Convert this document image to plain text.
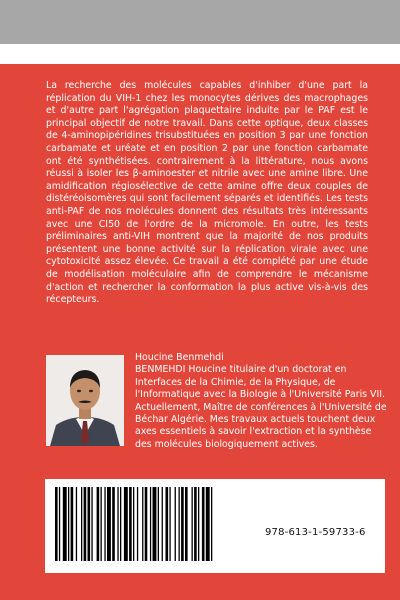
La recherche des molécules capables d'inhiber d'une part la réplication du VIH-1 chez les monocytes dérives des macrophages et d'autre part l'agrégation plaquettaire induite par le PAF est le principal objectif de notre travail. Dans cette optique, deux classes de 4-aminopipéridines trisubstituées en position 3 par une fonction carbamate et uréate et en position 2 par une fonction carbamate ont été synthétisées. contrairement à la littérature, nous avons réussi à isoler les β-aminoester et nitrile avec une amine libre. Une amidification régiosélective de cette amine offre deux couples de distéréoisomères qui sont facilement séparés et identifiés. Les tests anti-PAF de nos molécules donnent des résultats très intéressants avec une CI50 de l'ordre de la micromole. En outre, les tests préliminaires anti-VIH montrent que la majorité de nos produits présentent une bonne activité sur la réplication virale avec une cytotoxicité assez élevée. Ce travail a été complété par une étude de modélisation moléculaire afin de comprendre le mécanisme d'action et rechercher la conformation la plus active vis-à-vis des récepteurs.

Houcine Benmehdi

BENMEHDI Houcine titulaire d'un doctorat en Interfaces de la Chimie, de la Physique, de l'Informatique avec la Biologie à l'Université Paris VII. Actuellement, Maître de conférences à l'Université de Béchar Algérie. Mes travaux actuels touchent deux axes essentiels à savoir l'extraction et la synthèse des molécules biologiquement actives.

978-613-1-59733-6
